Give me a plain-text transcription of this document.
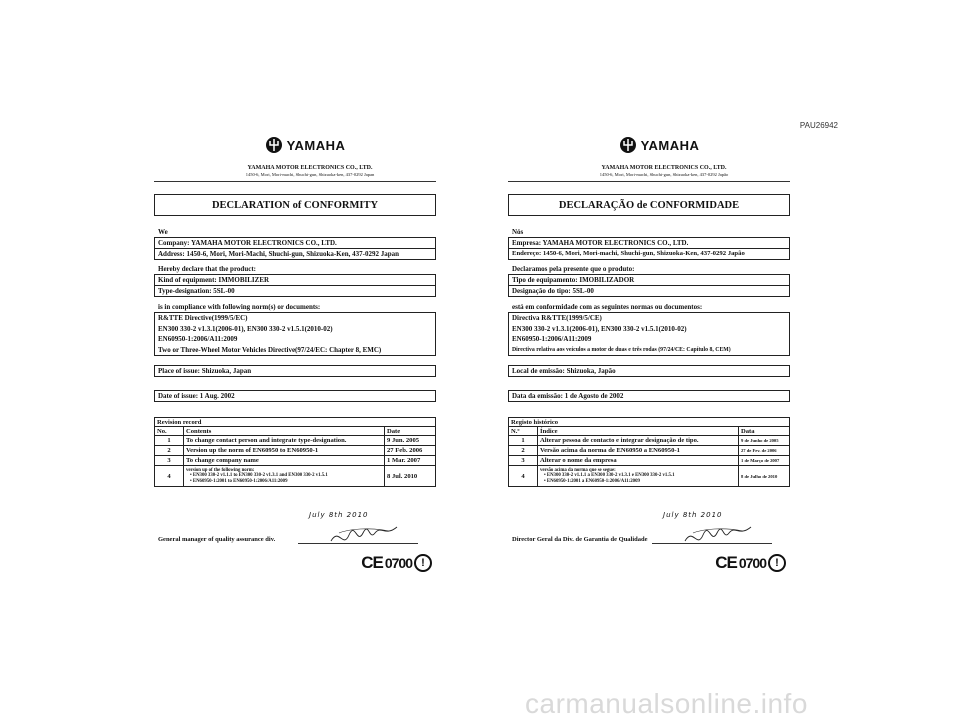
PAU26942
YAMAHA
YAMAHA MOTOR ELECTRONICS CO., LTD.
1450-6, Mori, Mori-machi, Shuchi-gun, Shizuoka-ken, 437-0292 Japan
DECLARATION of CONFORMITY
We
Company: YAMAHA MOTOR ELECTRONICS CO., LTD.
Address: 1450-6, Mori, Mori-Machi, Shuchi-gun, Shizuoka-Ken, 437-0292 Japan
Hereby declare that the product:
Kind of equipment: IMMOBILIZER
Type-designation: 5SL-00
is in compliance with following norm(s) or documents:
R&TTE Directive(1999/5/EC)
EN300 330-2 v1.3.1(2006-01), EN300 330-2 v1.5.1(2010-02)
EN60950-1:2006/A11:2009
Two or Three-Wheel Motor Vehicles Directive(97/24/EC: Chapter 8, EMC)
Place of issue: Shizuoka, Japan
Date of issue: 1 Aug. 2002
Revision record		
No.	Contents	Date
1	To change contact person and integrate type-designation.	9 Jun. 2005
2	Version up the norm of EN60950 to EN60950-1	27 Feb. 2006
3	To change company name	1 Mar. 2007
4	version up of the following norm:
• EN300 330-2 v1.1.1 to EN300 330-2 v1.3.1 and EN300 330-2 v1.5.1
• EN60950-1:2001 to EN60950-1:2006/A11:2009	8 Jul. 2010
July 8th 2010
General manager of quality assurance div.
CE 0700 !
YAMAHA
YAMAHA MOTOR ELECTRONICS CO., LTD.
1450-6, Mori, Mori-machi, Shuchi-gun, Shizuoka-ken, 437-0292 Japão
DECLARAÇÃO de CONFORMIDADE
Nós
Empresa: YAMAHA MOTOR ELECTRONICS CO., LTD.
Endereço: 1450-6, Mori, Mori-machi, Shuchi-gun, Shizuoka-Ken, 437-0292 Japão
Declaramos pela presente que o produto:
Tipo de equipamento: IMOBILIZADOR
Designação do tipo: 5SL-00
está em conformidade com as seguintes normas ou documentos:
Directiva R&TTE(1999/5/CE)
EN300 330-2 v1.3.1(2006-01), EN300 330-2 v1.5.1(2010-02)
EN60950-1:2006/A11:2009
Directiva relativa aos veículos a motor de duas e três rodas (97/24/CE: Capítulo 8, CEM)
Local de emissão: Shizuoka, Japão
Data da emissão: 1 de Agosto de 2002
Registo histórico		
N.º	Índice	Data
1	Alterar pessoa de contacto e integrar designação de tipo.	9 de Junho de 2005
2	Versão acima da norma de EN60950 a EN60950-1	27 de Fev. de 2006
3	Alterar o nome da empresa	1 de Março de 2007
4	versão acima da norma que se segue:
• EN300 330-2 v1.1.1 a EN300 330-2 v1.3.1 e EN300 330-2 v1.5.1
• EN60950-1:2001 a EN60950-1:2006/A11:2009	8 de Julho de 2010
July 8th 2010
Director Geral da Div. de Garantia de Qualidade
CE 0700 !
carmanualsonline.info
